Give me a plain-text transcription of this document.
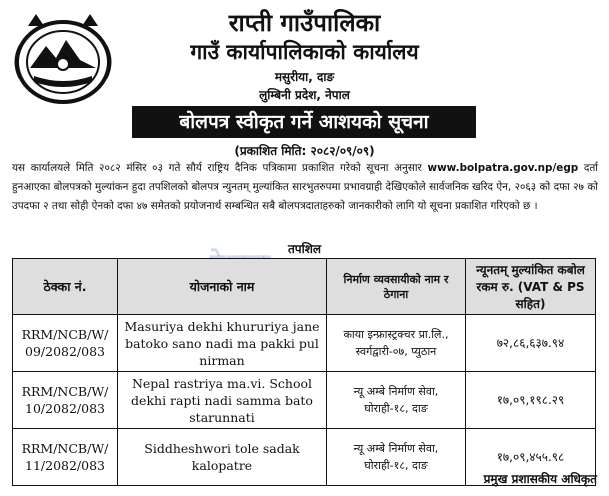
राप्ती गाउँपालिका
गाउँ कार्यापालिकाको कार्यालय
मसुरीया, दाङ
लुम्बिनी प्रदेश, नेपाल
बोलपत्र स्वीकृत गर्ने आशयको सूचना
(प्रकाशित मिति: २०८२/०९/०९)
यस कार्यालयले मिति २०८२ मंसिर ०३ गते सौर्य राष्ट्रिय दैनिक पत्रिकामा प्रकाशित गरेको सूचना अनुसार www.bolpatra.gov.np/egp दर्ता हुनआएका बोलपत्रको मुल्यांकन हुदा तपशिलको बोलपत्र न्युनतम् मुल्यांकित सारभुतरुपमा प्रभावग्राही देखिएकोले सार्वजनिक खरिद ऐन, २०६३ को दफा २७ को उपदफा २ तथा सोही ऐनको दफा ४७ समेतको प्रयोजनार्थ सम्बन्धित सबै बोलपत्रदाताहरुको जानकारीको लागि यो सूचना प्रकाशित गरिएको छ ।
तपशिल
ठेक्का नं.	योजनाको नाम	निर्माण व्यवसायीको नाम र ठेगाना	न्यूनतम् मुल्यांकित कबोल रकम रु. (VAT & PS सहित)
RRM/NCB/W/ 09/2082/083	Masuriya dekhi khururiya jane batoko sano nadi ma pakki pul nirman	काया इन्फ्रास्ट्रक्चर प्रा.लि., स्वर्गद्वारी-०७, प्युठान	७२,८६,६३७.९४
RRM/NCB/W/ 10/2082/083	Nepal rastriya ma.vi. School dekhi rapti nadi samma bato starunnati	न्यू अम्बे निर्माण सेवा, घोराही-१८, दाङ	१७,०९,१९८.२९
RRM/NCB/W/ 11/2082/083	Siddheshwori tole sadak kalopatre	न्यू अम्बे निर्माण सेवा, घोराही-१८, दाङ	१७,०९,४५५.९८
प्रमुख प्रशासकीय अधिकृत
